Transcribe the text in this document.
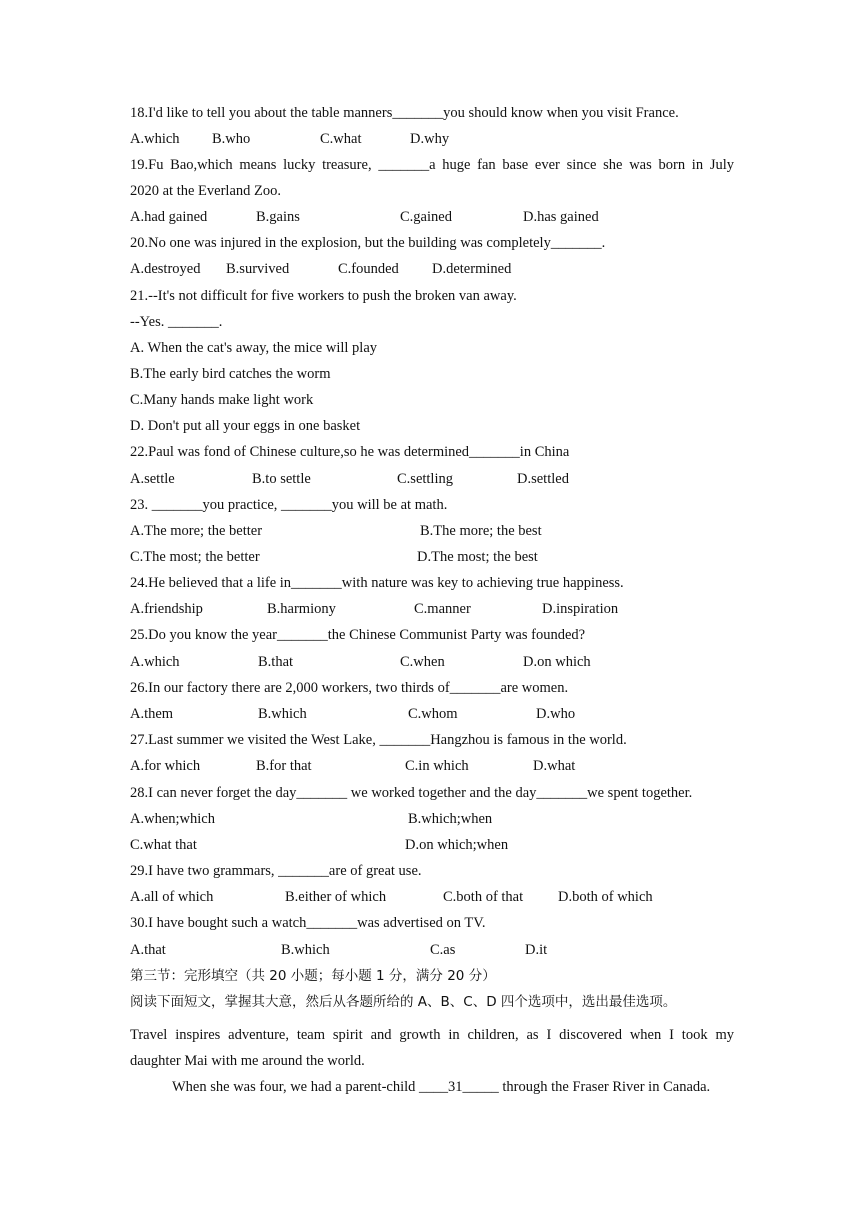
18.I'd like to tell you about the table manners_______you should know when you visit France.
A.which B.who	C.what	D.why
19.Fu Bao,which means lucky treasure, _______a huge fan base ever since she was born in July
2020 at the Everland Zoo.
A.had gained	B.gains	C.gained	D.has gained
20.No one was injured in the explosion, but the building was completely_______.
A.destroyed B.survived	C.founded D.determined
21.--It's not difficult for five workers to push the broken van away.
--Yes. _______.
A. When the cat's away, the mice will play
B.The early bird catches the worm
C.Many hands make light work
D. Don't put all your eggs in one basket
22.Paul was fond of Chinese culture,so he was determined_______in China
A.settle	B.to settle	C.settling	D.settled
23. _______you practice, _______you will be at math.
A.The more; the better	B.The more; the best
C.The most; the better	D.The most; the best
24.He believed that a life in_______with nature was key to achieving true happiness.
A.friendship	B.harmiony	C.manner	D.inspiration
25.Do you know the year_______the Chinese Communist Party was founded?
A.which	B.that	C.when	D.on which
26.In our factory there are 2,000 workers, two thirds of_______are women.
A.them	B.which	C.whom	D.who
27.Last summer we visited the West Lake, _______Hangzhou is famous in the world.
A.for which	B.for that	C.in which	D.what
28.I can never forget the day_______ we worked together and the day_______we spent together.
A.when;which	B.which;when
C.what that	D.on which;when
29.I have two grammars, _______are of great use.
A.all of which	B.either of which	C.both of that D.both of which
30.I have bought such a watch_______was advertised on TV.
A.that	B.which	C.as	D.it
第三节：完形填空（共 20 小题；每小题 1 分，满分 20 分）
阅读下面短文，掌握其大意，然后从各题所给的 A、B、C、D 四个选项中，选出最佳选项。
Travel inspires adventure, team spirit and growth in children, as I discovered when I took my
daughter Mai with me around the world.
When she was four, we had a parent-child ____31_____ through the Fraser River in Canada.
